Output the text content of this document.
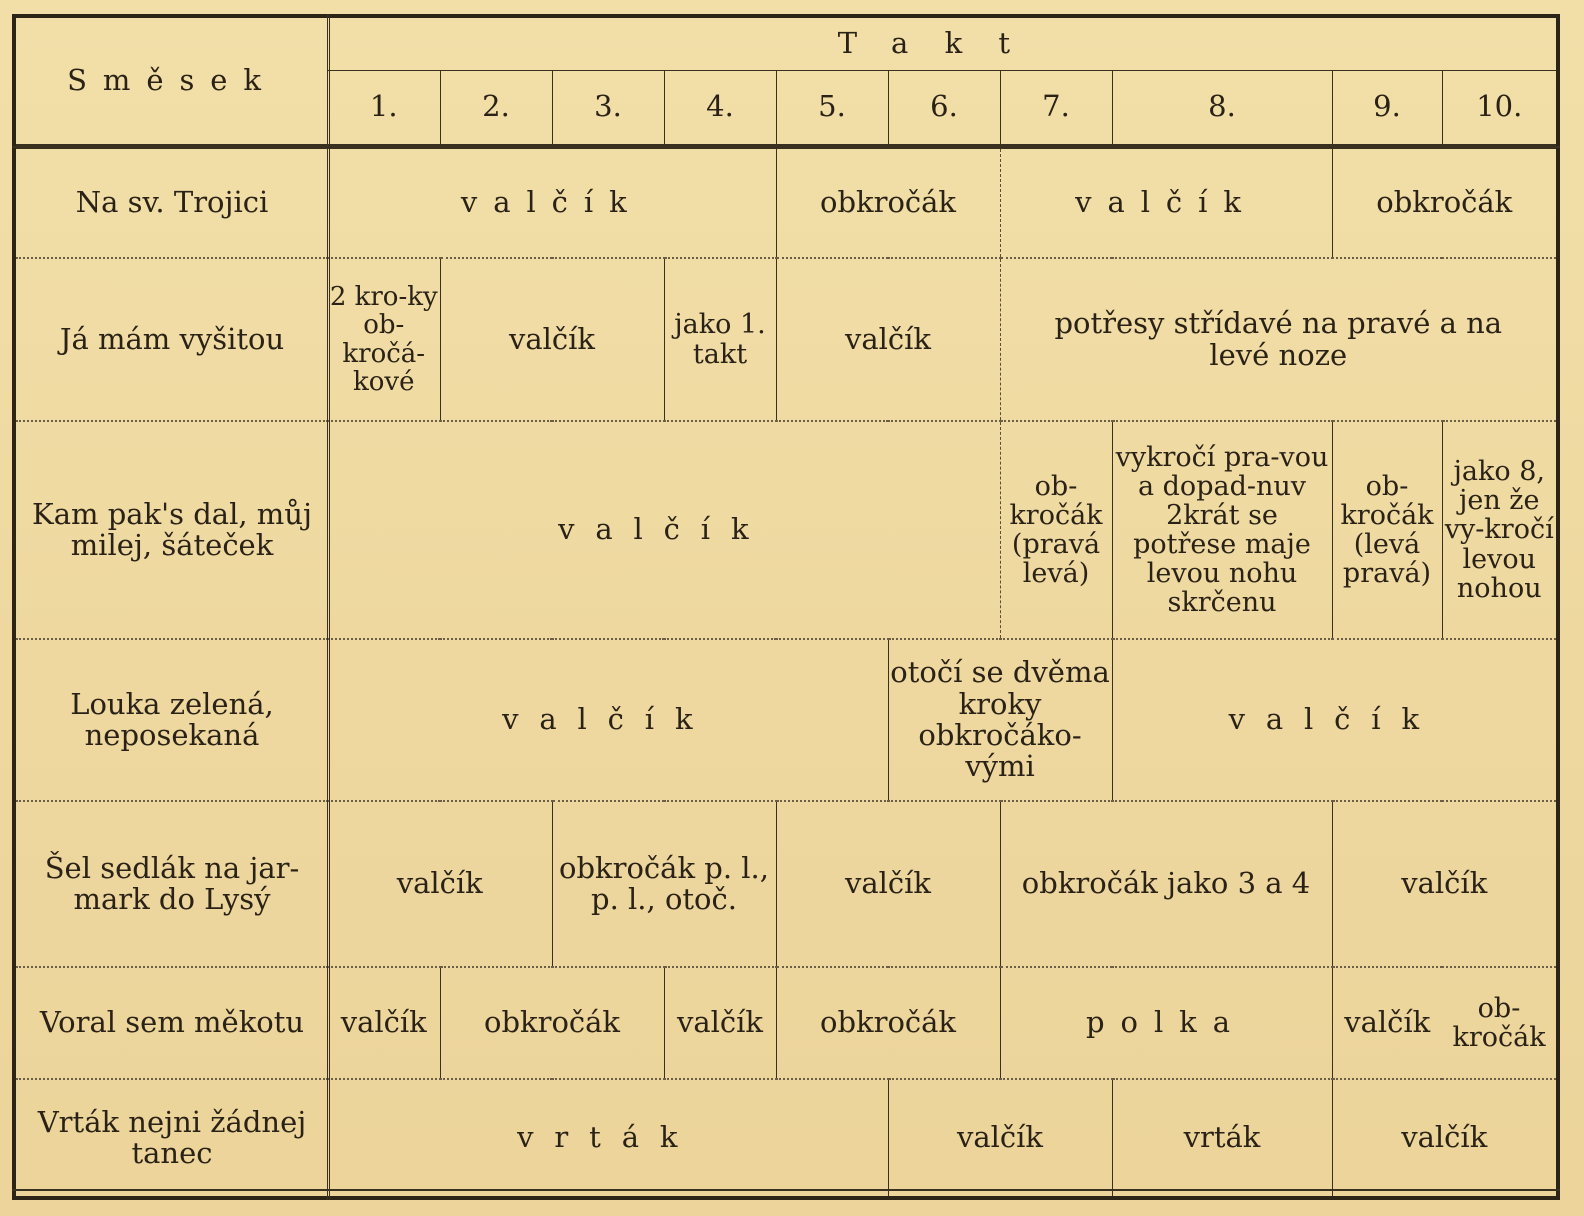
Směsek	Takt									
	1.	2.	3.	4.	5.	6.	7.	8.	9.	10.
Na sv. Trojici	valčík				obkročák		valčík		obkročák	
Já mám vyšitou	2 kro-ky ob-kročá-kové	valčík		jako 1. takt	valčík		potřesy střídavé na pravé a na levé noze			
Kam pak's dal, můj milej, šáteček	valčík						ob-kročák (pravá levá)	vykročí pra-vou a dopad-nuv 2krát se potřese maje levou nohu skrčenu	ob-kročák (levá pravá)	jako 8, jen že vy-kročí levou nohou
Louka zelená, neposekaná	valčík					otočí se dvěma kroky obkročáko-vými		valčík		
Šel sedlák na jar-mark do Lysý	valčík		obkročák p. l., p. l., otoč.		valčík		obkročák jako 3 a 4		valčík	
Voral sem měkotu	valčík	obkročák		valčík	obkročák		polka		valčík	ob-kročák
Vrták nejni žádnej tanec	vrták					valčík		vrták	valčík	
